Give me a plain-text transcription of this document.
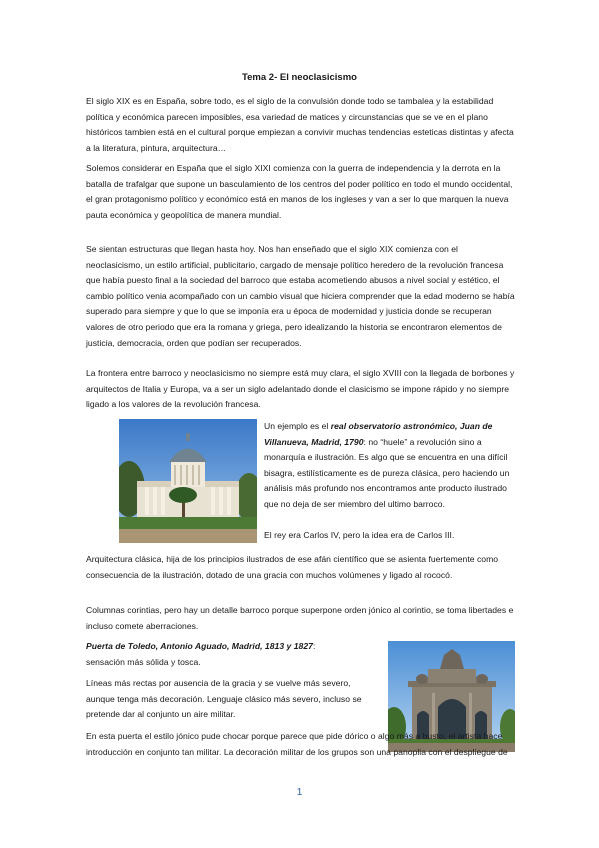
Tema 2- El neoclasicismo

El siglo XIX es en España, sobre todo, es el siglo de la convulsión donde todo se tambalea y la estabilidad política y económica parecen imposibles, esa variedad de matices y circunstancias que se ve en el plano históricos tambien está en el cultural porque empiezan a convivir muchas tendencias esteticas distintas y afecta a la literatura, pintura, arquitectura…

Solemos considerar en España que el siglo XIXI comienza con la guerra de independencia y la derrota en la batalla de trafalgar que supone un basculamiento de los centros del poder político en todo el mundo occidental, el gran protagonismo político y económico está en manos de los ingleses y van a ser lo que marquen la nueva pauta económica y geopolítica de manera mundial.

Se sientan estructuras que llegan hasta hoy. Nos han enseñado que el siglo XIX comienza con el neoclasicismo, un estilo artificial, publicitario, cargado de mensaje político heredero de la revolución francesa que había puesto final a la sociedad del barroco que estaba acometiendo abusos a nivel social y estético, el cambio político venia acompañado con un cambio visual que hiciera comprender que la edad moderno se había superado para siempre y que lo que se imponía era u época de modernidad y justicia donde se recuperan valores de otro periodo que era la romana y griega, pero idealizando la historia se encontraron elementos de justicia, democracia, orden que podían ser recuperados.

La frontera entre barroco y neoclasicismo no siempre está muy clara, el siglo XVIII con la llegada de borbones y arquitectos de Italia y Europa, va a ser un siglo adelantado donde el clasicismo se impone rápido y no siempre ligado a los valores de la revolución francesa.

Un ejemplo es el real observatorio astronómico, Juan de Villanueva, Madrid, 1790: no “huele” a revolución sino a monarquía e ilustración. Es algo que se encuentra en una difícil bisagra, estilísticamente es de pureza clásica, pero haciendo un análisis más profundo nos encontramos ante producto ilustrado que no deja de ser miembro del ultimo barroco.

El rey era Carlos IV, pero la idea era de Carlos III.

Arquitectura clásica, hija de los principios ilustrados de ese afán científico que se asienta fuertemente como consecuencia de la ilustración, dotado de una gracia con muchos volúmenes y ligado al rococó.

Columnas corintias, pero hay un detalle barroco porque superpone orden jónico al corintio, se toma libertades e incluso comete aberraciones.

Puerta de Toledo, Antonio Aguado, Madrid, 1813 y 1827: sensación más sólida y tosca.

Líneas más rectas por ausencia de la gracia y se vuelve más severo, aunque tenga más decoración. Lenguaje clásico más severo, incluso se pretende dar al conjunto un aire militar.

En esta puerta el estilo jónico pude chocar porque parece que pide dórico o algo más a busto, el artista hace introducción en conjunto tan militar. La decoración militar de los grupos son una panoplia con el despliegue de

1
